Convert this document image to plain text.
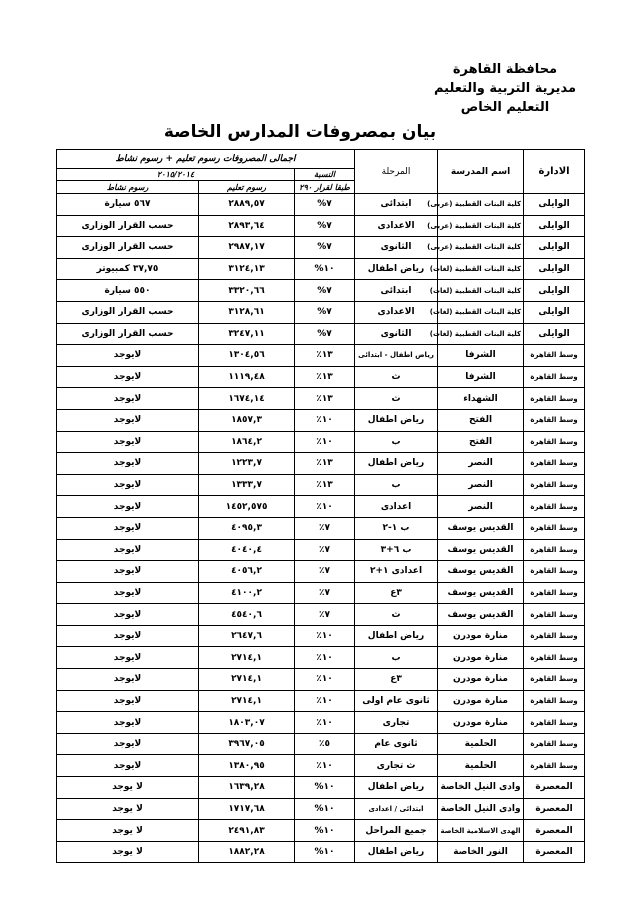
محافظة القاهرة
مديرية التربية والتعليم
التعليم الخاص
بيان بمصروفات المدارس الخاصة
الادارة	اسم المدرسة	المرحلة	اجمالى المصروفات رسوم تعليم + رسوم نشاط		
			النسبة	٢٠١٥/٢٠١٤	
			طبقا لقرار ٢٩٠	رسوم تعليم	رسوم نشاط
الوايلى	كلية البنات القطبية (عربى)	ابتدائى	٧%	٢٨٨٩,٥٧	٥٦٧ سيارة
الوايلى	كلية البنات القطبية (عربى)	الاعدادى	٧%	٢٨٩٣,٦٤	حسب القرار الوزارى
الوايلى	كلية البنات القطبية (عربى)	الثانوى	٧%	٢٩٨٧,١٧	حسب القرار الوزارى
الوايلى	كلية البنات القطبية (لغات)	رياض اطفال	١٠%	٣١٢٤,١٣	٣٧,٧٥ كمبيوتر
الوايلى	كلية البنات القطبية (لغات)	ابتدائى	٧%	٣٣٢٠,٦٦	٥٥٠ سيارة
الوايلى	كلية البنات القطبية (لغات)	الاعدادى	٧%	٣١٢٨,٦١	حسب القرار الوزارى
الوايلى	كلية البنات القطبية (لغات)	الثانوى	٧%	٣٢٤٧,١١	حسب القرار الوزارى
وسط القاهرة	الشرفا	رياض اطفال - ابتدائى	١٣٪	١٣٠٤,٥٦	لايوجد
وسط القاهرة	الشرفا	ث	١٣٪	١١١٩,٤٨	لايوجد
وسط القاهرة	الشهداء	ث	١٣٪	١٦٧٤,١٤	لايوجد
وسط القاهرة	الفتح	رياض اطفال	١٠٪	١٨٥٧,٣	لايوجد
وسط القاهرة	الفتح	ب	١٠٪	١٨٦٤,٢	لايوجد
وسط القاهرة	النصر	رياض اطفال	١٣٪	١٢٢٣,٧	لايوجد
وسط القاهرة	النصر	ب	١٣٪	١٣٣٣,٧	لايوجد
وسط القاهرة	النصر	اعدادى	١٠٪	١٤٥٢,٥٧٥	لايوجد
وسط القاهرة	القديس يوسف	ب ١-٢	٧٪	٤٠٩٥,٣	لايوجد
وسط القاهرة	القديس يوسف	ب ٦+٣	٧٪	٤٠٤٠,٤	لايوجد
وسط القاهرة	القديس يوسف	اعدادى ١+٢	٧٪	٤٠٥٦,٢	لايوجد
وسط القاهرة	القديس يوسف	٣ع	٧٪	٤١٠٠,٢	لايوجد
وسط القاهرة	القديس يوسف	ث	٧٪	٤٥٤٠,٦	لايوجد
وسط القاهرة	منارة مودرن	رياض اطفال	١٠٪	٢٦٤٧,٦	لايوجد
وسط القاهرة	منارة مودرن	ب	١٠٪	٢٧١٤,١	لايوجد
وسط القاهرة	منارة مودرن	٣ع	١٠٪	٢٧١٤,١	لايوجد
وسط القاهرة	منارة مودرن	ثانوى عام اولى	١٠٪	٢٧١٤,١	لايوجد
وسط القاهرة	منارة مودرن	تجارى	١٠٪	١٨٠٣,٠٧	لايوجد
وسط القاهرة	الحلمية	ثانوى عام	٥٪	٣٩٦٧,٠٥	لايوجد
وسط القاهرة	الحلمية	ث تجارى	١٠٪	١٣٨٠,٩٥	لايوجد
المعصرة	وادى النيل الخاصة	رياض اطفال	١٠%	١٦٣٩,٢٨	لا يوجد
المعصرة	وادى النيل الخاصة	ابتدائى / اعدادى	١٠%	١٧١٧,٦٨	لا يوجد
المعصرة	الهدى الاسلامية الخاصة	جميع المراحل	١٠%	٢٤٩١,٨٣	لا يوجد
المعصرة	النور الخاصة	رياض اطفال	١٠%	١٨٨٢,٢٨	لا يوجد
